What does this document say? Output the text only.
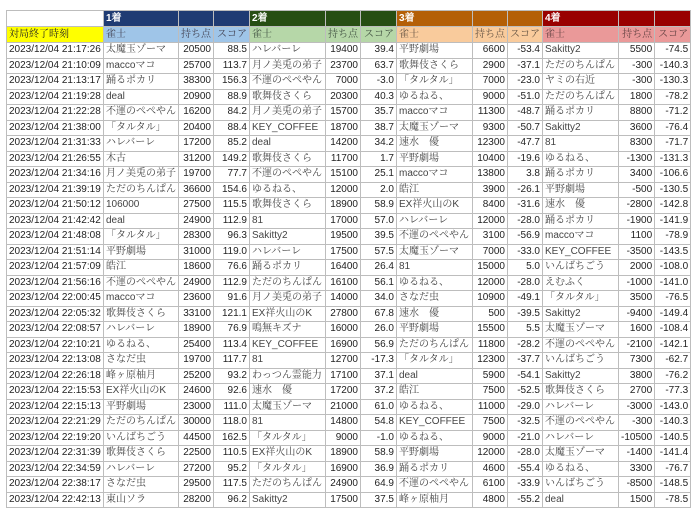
	1着			2着			3着			4着		
対局終了時刻	雀士	持ち点	スコア	雀士	持ち点	スコア	雀士	持ち点	スコア	雀士	持ち点	スコア
2023/12/04 21:17:26	太魔玉ゾーマ	20500	88.5	ハレバーレ	19400	39.4	平野劇場	6600	-53.4	Sakitty2	5500	-74.5
2023/12/04 21:10:09	maccoマコ	25700	113.7	月ノ美兎の弟子	23700	63.7	歌舞伎さくら	2900	-37.1	ただのちんぱん	-300	-140.3
2023/12/04 21:13:17	踊るポカリ	38300	156.3	不運のぺぺやん	7000	-3.0	「タルタル」	7000	-23.0	ヤミの右近	-300	-130.3
2023/12/04 21:19:28	deal	20900	88.9	歌舞伎さくら	20300	40.3	ゆるねる、	9000	-51.0	ただのちんぱん	1800	-78.2
2023/12/04 21:22:28	不運のぺぺやん	16200	84.2	月ノ美兎の弟子	15700	35.7	maccoマコ	11300	-48.7	踊るポカリ	8800	-71.2
2023/12/04 21:38:00	「タルタル」	20400	88.4	KEY_COFFEE	18700	38.7	太魔玉ゾーマ	9300	-50.7	Sakitty2	3600	-76.4
2023/12/04 21:31:33	ハレバーレ	17200	85.2	deal	14200	34.2	速水　優	12300	-47.7	81	8300	-71.7
2023/12/04 21:26:55	木古	31200	149.2	歌舞伎さくら	11700	1.7	平野劇場	10400	-19.6	ゆるねる、	-1300	-131.3
2023/12/04 21:34:16	月ノ美兎の弟子	19700	77.7	不運のぺぺやん	15100	25.1	maccoマコ	13800	3.8	踊るポカリ	3400	-106.6
2023/12/04 21:39:19	ただのちんぱん	36600	154.6	ゆるねる、	12000	2.0	皓江	3900	-26.1	平野劇場	-500	-130.5
2023/12/04 21:50:12	106000	27500	115.5	歌舞伎さくら	18900	58.9	EX祥火山のK	8400	-31.6	速水　優	-2800	-142.8
2023/12/04 21:42:42	deal	24900	112.9	81	17000	57.0	ハレバーレ	12000	-28.0	踊るポカリ	-1900	-141.9
2023/12/04 21:48:08	「タルタル」	28300	96.3	Sakitty2	19500	39.5	不運のぺぺやん	3100	-56.9	maccoマコ	1100	-78.9
2023/12/04 21:51:14	平野劇場	31000	119.0	ハレバーレ	17500	57.5	太魔玉ゾーマ	7000	-33.0	KEY_COFFEE	-3500	-143.5
2023/12/04 21:57:09	皓江	18600	76.6	踊るポカリ	16400	26.4	81	15000	5.0	いんばちごう	2000	-108.0
2023/12/04 21:56:16	不運のぺぺやん	24900	112.9	ただのちんぱん	16100	56.1	ゆるねる、	12000	-28.0	えむふく	-1000	-141.0
2023/12/04 22:00:45	maccoマコ	23600	91.6	月ノ美兎の弟子	14000	34.0	さなだ虫	10900	-49.1	「タルタル」	3500	-76.5
2023/12/04 22:05:32	歌舞伎さくら	33100	121.1	EX祥火山のK	27800	67.8	速水　優	500	-39.5	Sakitty2	-9400	-149.4
2023/12/04 22:08:57	ハレバーレ	18900	76.9	鳴無キズナ	16000	26.0	平野劇場	15500	5.5	太魔玉ゾーマ	1600	-108.4
2023/12/04 22:10:21	ゆるねる、	25400	113.4	KEY_COFFEE	16900	56.9	ただのちんぱん	11800	-28.2	不運のぺぺやん	-2100	-142.1
2023/12/04 22:13:08	さなだ虫	19700	117.7	81	12700	-17.3	「タルタル」	12300	-37.7	いんばちごう	7300	-62.7
2023/12/04 22:26:18	峰ヶ原柚月	25200	93.2	わっつん霊能力	17100	37.1	deal	5900	-54.1	Sakitty2	3800	-76.2
2023/12/04 22:15:53	EX祥火山のK	24600	92.6	速水　優	17200	37.2	皓江	7500	-52.5	歌舞伎さくら	2700	-77.3
2023/12/04 22:15:13	平野劇場	23000	111.0	太魔玉ゾーマ	21000	61.0	ゆるねる、	11000	-29.0	ハレバーレ	-3000	-143.0
2023/12/04 22:21:29	ただのちんぱん	30000	118.0	81	14800	54.8	KEY_COFFEE	7500	-32.5	不運のぺぺやん	-300	-140.3
2023/12/04 22:19:20	いんばちごう	44500	162.5	「タルタル」	9000	-1.0	ゆるねる、	9000	-21.0	ハレバーレ	-10500	-140.5
2023/12/04 22:31:39	歌舞伎さくら	22500	110.5	EX祥火山のK	18900	58.9	平野劇場	12000	-28.0	太魔玉ゾーマ	-1400	-141.4
2023/12/04 22:34:59	ハレバーレ	27200	95.2	「タルタル」	16900	36.9	踊るポカリ	4600	-55.4	ゆるねる、	3300	-76.7
2023/12/04 22:38:17	さなだ虫	29500	117.5	ただのちんぱん	24900	64.9	不運のぺぺやん	6100	-33.9	いんばちごう	-8500	-148.5
2023/12/04 22:42:13	東山ソラ	28200	96.2	Sakitty2	17500	37.5	峰ヶ原柚月	4800	-55.2	deal	1500	-78.5
